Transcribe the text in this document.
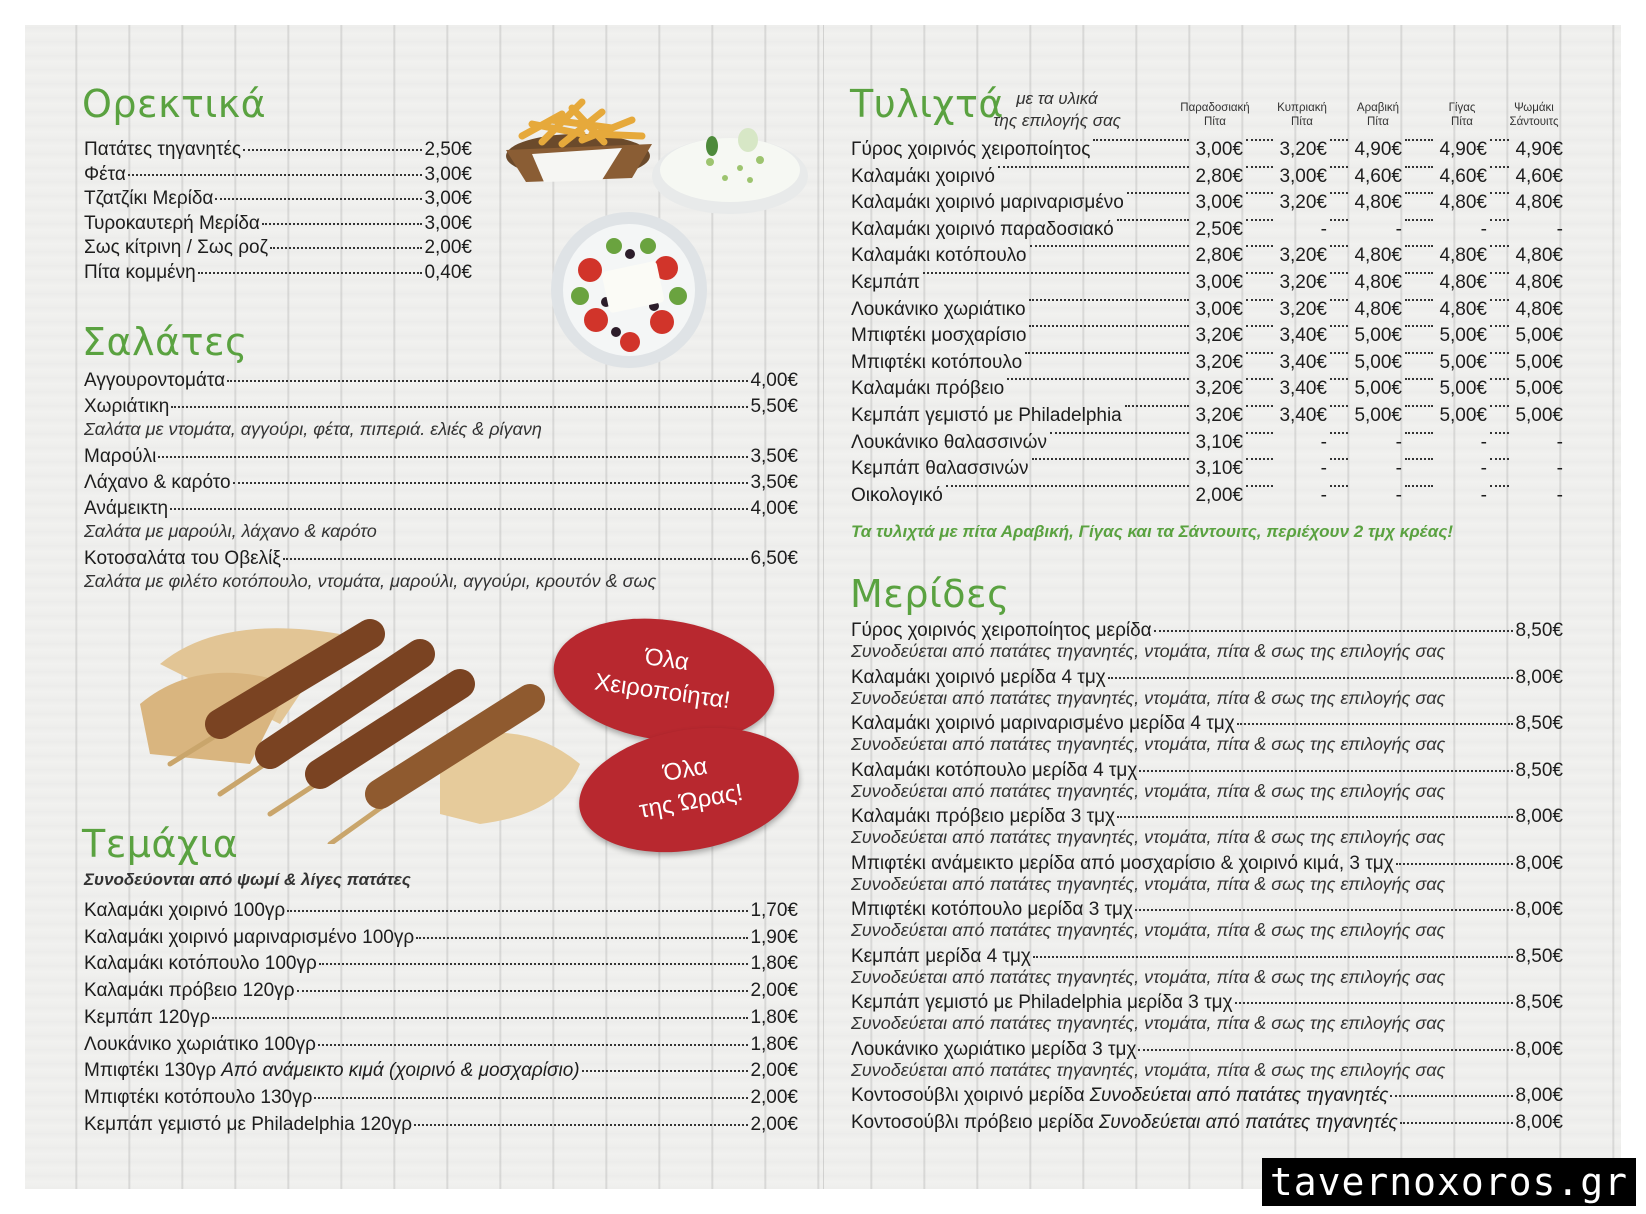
Ορεκτικά
Πατάτες τηγανητές	2,50€
Φέτα	3,00€
Τζατζίκι Μερίδα	3,00€
Τυροκαυτερή Μερίδα	3,00€
Σως κίτρινη / Σως ροζ	2,00€
Πίτα κομμένη	0,40€
Σαλάτες
Αγγουροντομάτα	4,00€
Χωριάτικη	5,50€
Σαλάτα με ντομάτα, αγγούρι, φέτα, πιπεριά. ελιές & ρίγανη
Μαρούλι	3,50€
Λάχανο & καρότο	3,50€
Ανάμεικτη	4,00€
Σαλάτα με μαρούλι, λάχανο & καρότο
Κοτοσαλάτα του Οβελίξ	6,50€
Σαλάτα με φιλέτο κοτόπουλο, ντομάτα, μαρούλι, αγγούρι, κρουτόν & σως
Όλα
Χειροποίητα!
Όλα
της Ώρας!
Τεμάχια
Συνοδεύονται από ψωμί & λίγες πατάτες
Καλαμάκι χοιρινό 100γρ	1,70€
Καλαμάκι χοιρινό μαριναρισμένο 100γρ	1,90€
Καλαμάκι κοτόπουλο 100γρ	1,80€
Καλαμάκι πρόβειο 120γρ	2,00€
Κεμπάπ 120γρ	1,80€
Λουκάνικο χωριάτικο 100γρ	1,80€
Μπιφτέκι 130γρ Από ανάμεικτο κιμά (χοιρινό & μοσχαρίσιο)	2,00€
Μπιφτέκι κοτόπουλο 130γρ	2,00€
Κεμπάπ γεμιστό με Philadelphia 120γρ	2,00€
Τυλιχτά με τα υλικά
της επιλογής σας
Παραδοσιακή
Πίτα
Κυπριακή
Πίτα
Αραβική
Πίτα
Γίγας
Πίτα
Ψωμάκι
Σάντουιτς
Γύρος χοιρινός χειροποίητος	3,00€ 3,20€ 4,90€ 4,90€ 4,90€
Καλαμάκι χοιρινό	2,80€ 3,00€ 4,60€ 4,60€ 4,60€
Καλαμάκι χοιρινό μαριναρισμένο	3,00€ 3,20€ 4,80€ 4,80€ 4,80€
Καλαμάκι χοιρινό παραδοσιακό	2,50€	-	-	-	-
Καλαμάκι κοτόπουλο	2,80€ 3,20€ 4,80€ 4,80€ 4,80€
Κεμπάπ	3,00€ 3,20€ 4,80€ 4,80€ 4,80€
Λουκάνικο χωριάτικο	3,00€ 3,20€ 4,80€ 4,80€ 4,80€
Μπιφτέκι μοσχαρίσιο	3,20€ 3,40€ 5,00€ 5,00€ 5,00€
Μπιφτέκι κοτόπουλο	3,20€ 3,40€ 5,00€ 5,00€ 5,00€
Καλαμάκι πρόβειο	3,20€ 3,40€ 5,00€ 5,00€ 5,00€
Κεμπάπ γεμιστό με Philadelphia	3,20€ 3,40€ 5,00€ 5,00€ 5,00€
Λουκάνικο θαλασσινών	3,10€	-	-	-	-
Κεμπάπ θαλασσινών	3,10€	-	-	-	-
Οικολογικό	2,00€	-	-	-	-
Τα τυλιχτά με πίτα Αραβική, Γίγας και τα Σάντουιτς, περιέχουν 2 τμχ κρέας!
Μερίδες
Γύρος χοιρινός χειροποίητος μερίδα	8,50€
Συνοδεύεται από πατάτες τηγανητές, ντομάτα, πίτα & σως της επιλογής σας
Καλαμάκι χοιρινό μερίδα 4 τμχ	8,00€
Συνοδεύεται από πατάτες τηγανητές, ντομάτα, πίτα & σως της επιλογής σας
Καλαμάκι χοιρινό μαριναρισμένο μερίδα 4 τμχ	8,50€
Συνοδεύεται από πατάτες τηγανητές, ντομάτα, πίτα & σως της επιλογής σας
Καλαμάκι κοτόπουλο μερίδα 4 τμχ	8,50€
Συνοδεύεται από πατάτες τηγανητές, ντομάτα, πίτα & σως της επιλογής σας
Καλαμάκι πρόβειο μερίδα 3 τμχ	8,00€
Συνοδεύεται από πατάτες τηγανητές, ντομάτα, πίτα & σως της επιλογής σας
Μπιφτέκι ανάμεικτο μερίδα από μοσχαρίσιο & χοιρινό κιμά, 3 τμχ	8,00€
Συνοδεύεται από πατάτες τηγανητές, ντομάτα, πίτα & σως της επιλογής σας
Μπιφτέκι κοτόπουλο μερίδα 3 τμχ	8,00€
Συνοδεύεται από πατάτες τηγανητές, ντομάτα, πίτα & σως της επιλογής σας
Κεμπάπ μερίδα 4 τμχ	8,50€
Συνοδεύεται από πατάτες τηγανητές, ντομάτα, πίτα & σως της επιλογής σας
Κεμπάπ γεμιστό με Philadelphia μερίδα 3 τμχ	8,50€
Συνοδεύεται από πατάτες τηγανητές, ντομάτα, πίτα & σως της επιλογής σας
Λουκάνικο χωριάτικο μερίδα 3 τμχ	8,00€
Συνοδεύεται από πατάτες τηγανητές, ντομάτα, πίτα & σως της επιλογής σας
Κοντοσούβλι χοιρινό μερίδα Συνοδεύεται από πατάτες τηγανητές	8,00€
Κοντοσούβλι πρόβειο μερίδα Συνοδεύεται από πατάτες τηγανητές	8,00€
tavernoxoros.gr
